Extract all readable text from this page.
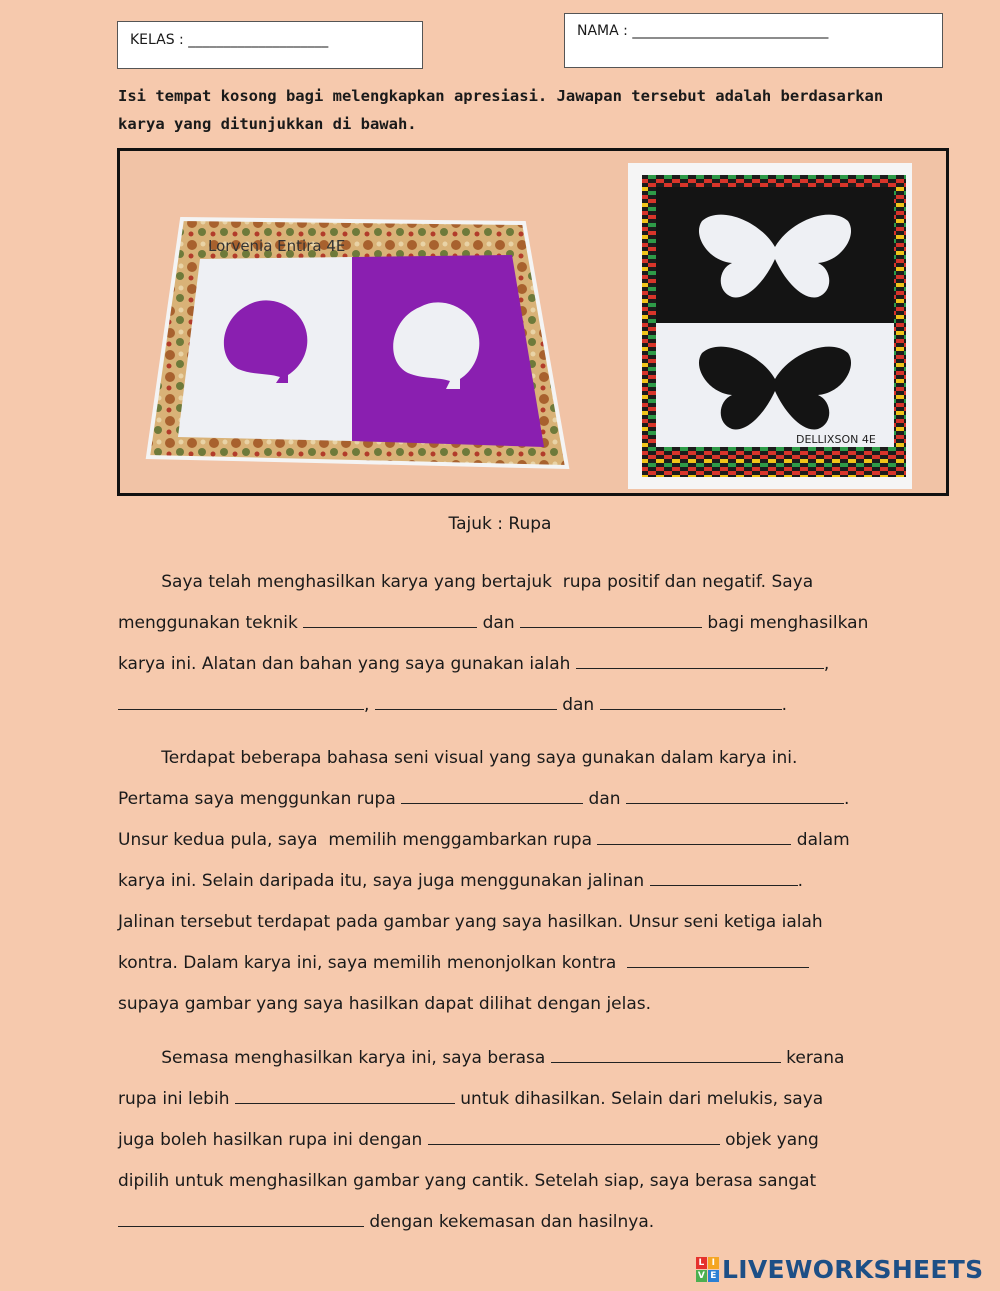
KELAS : ____________________
NAMA : ____________________________
Isi tempat kosong bagi melengkapkan apresiasi. Jawapan tersebut adalah berdasarkan
karya yang ditunjukkan di bawah.
Lorvenia Entira 4E
DELLIXSON 4E
Tajuk : Rupa
Saya telah menghasilkan karya yang bertajuk  rupa positif dan negatif. Saya
menggunakan teknik	dan	bagi menghasilkan
karya ini. Alatan dan bahan yang saya gunakan ialah	,
,	dan	.
Terdapat beberapa bahasa seni visual yang saya gunakan dalam karya ini.
Pertama saya menggunkan rupa	dan	.
Unsur kedua pula, saya  memilih menggambarkan rupa	dalam
karya ini. Selain daripada itu, saya juga menggunakan jalinan	.
Jalinan tersebut terdapat pada gambar yang saya hasilkan. Unsur seni ketiga ialah
kontra. Dalam karya ini, saya memilih menonjolkan kontra
supaya gambar yang saya hasilkan dapat dilihat dengan jelas.
Semasa menghasilkan karya ini, saya berasa	kerana
rupa ini lebih	untuk dihasilkan. Selain dari melukis, saya
juga boleh hasilkan rupa ini dengan	objek yang
dipilih untuk menghasilkan gambar yang cantik. Setelah siap, saya berasa sangat
dengan kekemasan dan hasilnya.
L I
V E LIVEWORKSHEETS
